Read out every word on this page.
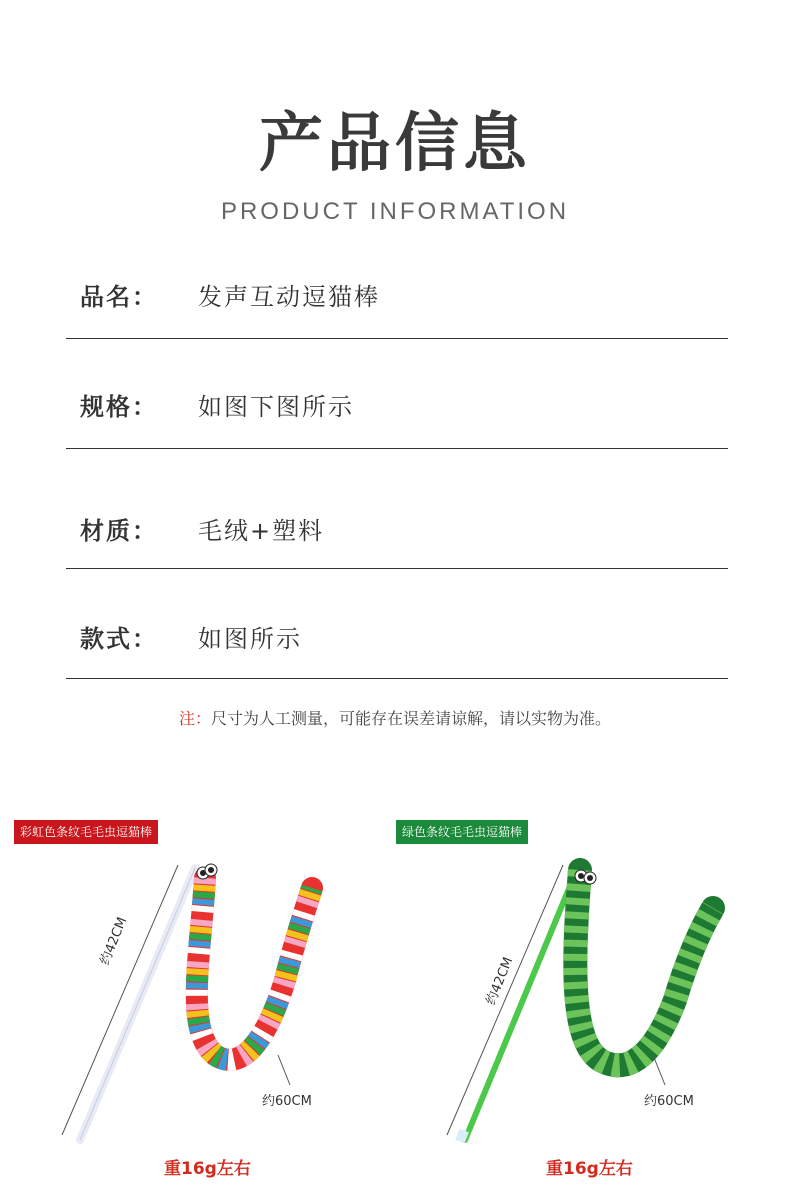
产品信息
PRODUCT INFORMATION
品名： 发声互动逗猫棒
规格： 如图下图所示
材质： 毛绒+塑料
款式： 如图所示
注：尺寸为人工测量，可能存在误差请谅解，请以实物为准。
彩虹色条纹毛毛虫逗猫棒
约42CM
约60CM
重16g左右
绿色条纹毛毛虫逗猫棒
约42CM
约60CM
重16g左右
